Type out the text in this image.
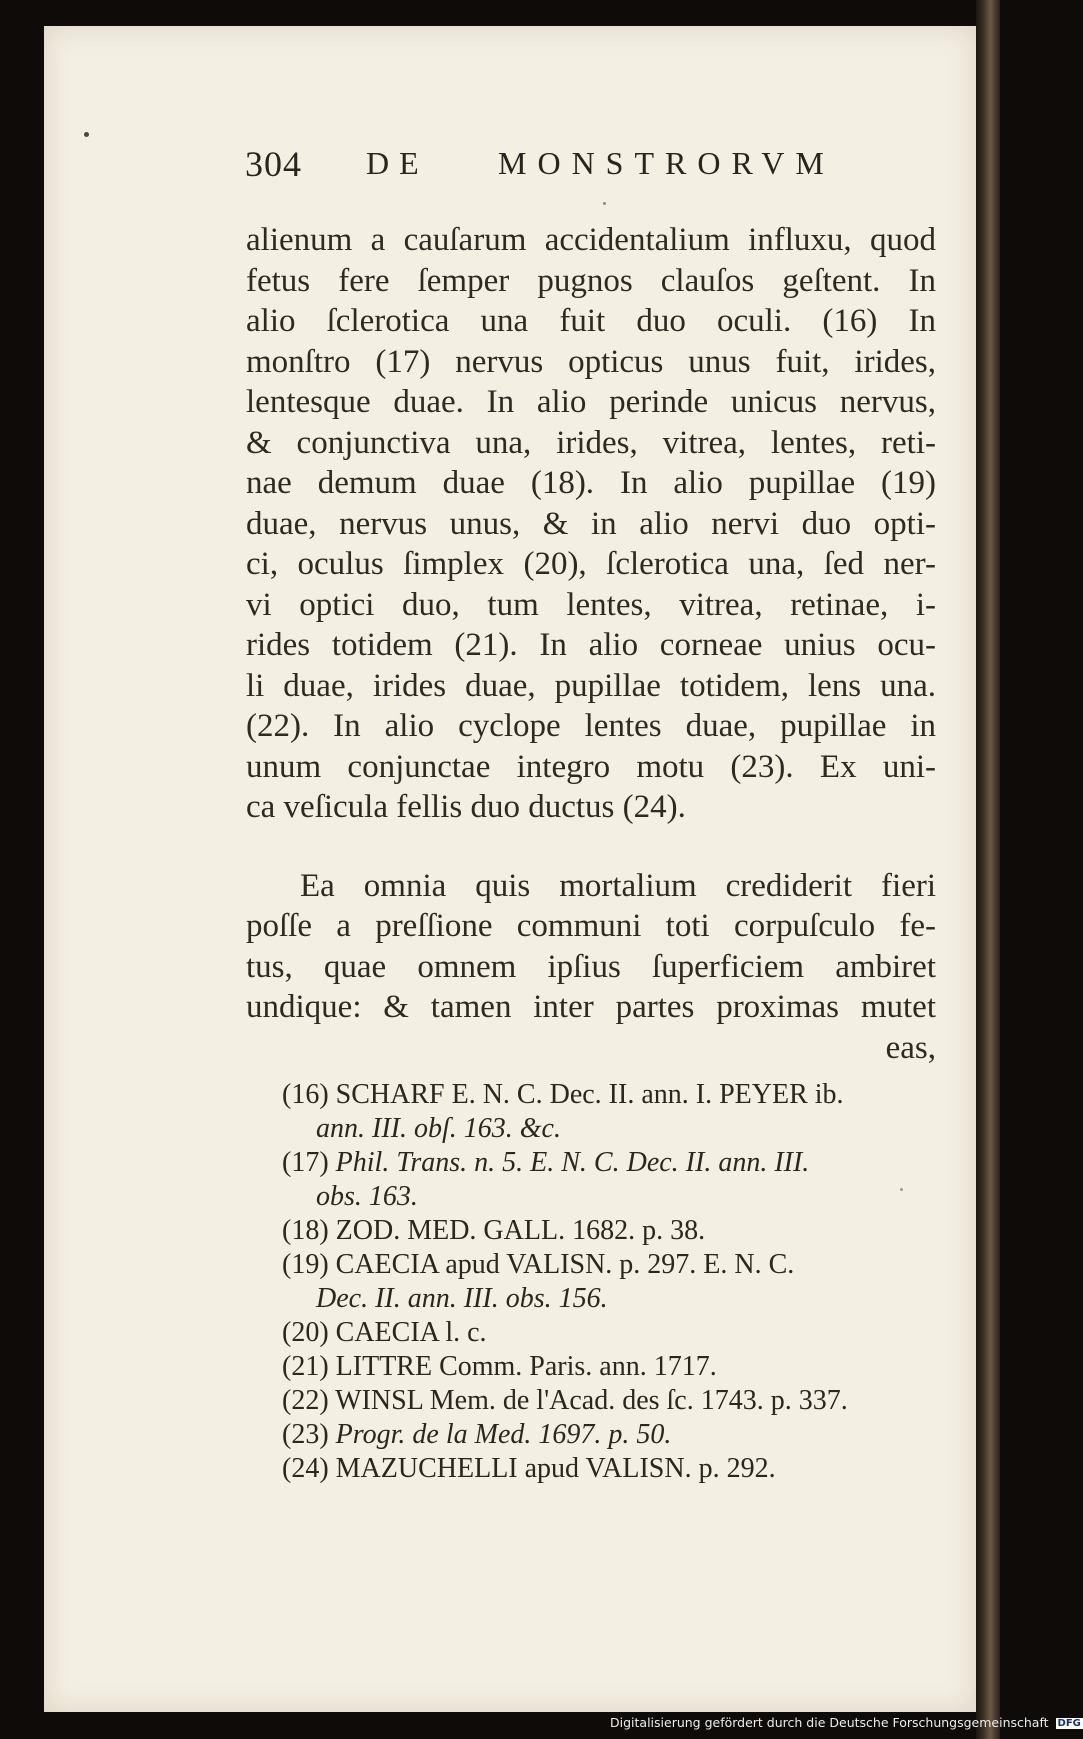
304 DE MONSTRORVM
alienum a cauſarum accidentalium influxu, quod
fetus fere ſemper pugnos clauſos geſtent. In
alio ſclerotica una fuit duo oculi. (16) In
monſtro (17) nervus opticus unus fuit, irides,
lentesque duae. In alio perinde unicus nervus,
& conjunctiva una, irides, vitrea, lentes, reti-
nae demum duae (18). In alio pupillae (19)
duae, nervus unus, & in alio nervi duo opti-
ci, oculus ſimplex (20), ſclerotica una, ſed ner-
vi optici duo, tum lentes, vitrea, retinae, i-
rides totidem (21). In alio corneae unius ocu-
li duae, irides duae, pupillae totidem, lens una.
(22). In alio cyclope lentes duae, pupillae in
unum conjunctae integro motu (23). Ex uni-
ca veſicula fellis duo ductus (24).
Ea omnia quis mortalium crediderit fieri
poſſe a preſſione communi toti corpuſculo fe-
tus, quae omnem ipſius ſuperficiem ambiret
undique: & tamen inter partes proximas mutet
eas,
(16) SCHARF E. N. C. Dec. II. ann. I. PEYER ib.
ann. III. obſ. 163. &c.
(17) Phil. Trans. n. 5. E. N. C. Dec. II. ann. III.
obs. 163.
(18) ZOD. MED. GALL. 1682. p. 38.
(19) CAECIA apud VALISN. p. 297. E. N. C.
Dec. II. ann. III. obs. 156.
(20) CAECIA l. c.
(21) LITTRE Comm. Paris. ann. 1717.
(22) WINSL Mem. de l'Acad. des ſc. 1743. p. 337.
(23) Progr. de la Med. 1697. p. 50.
(24) MAZUCHELLI apud VALISN. p. 292.
Digitalisierung gefördert durch die Deutsche Forschungsgemeinschaft DFG
